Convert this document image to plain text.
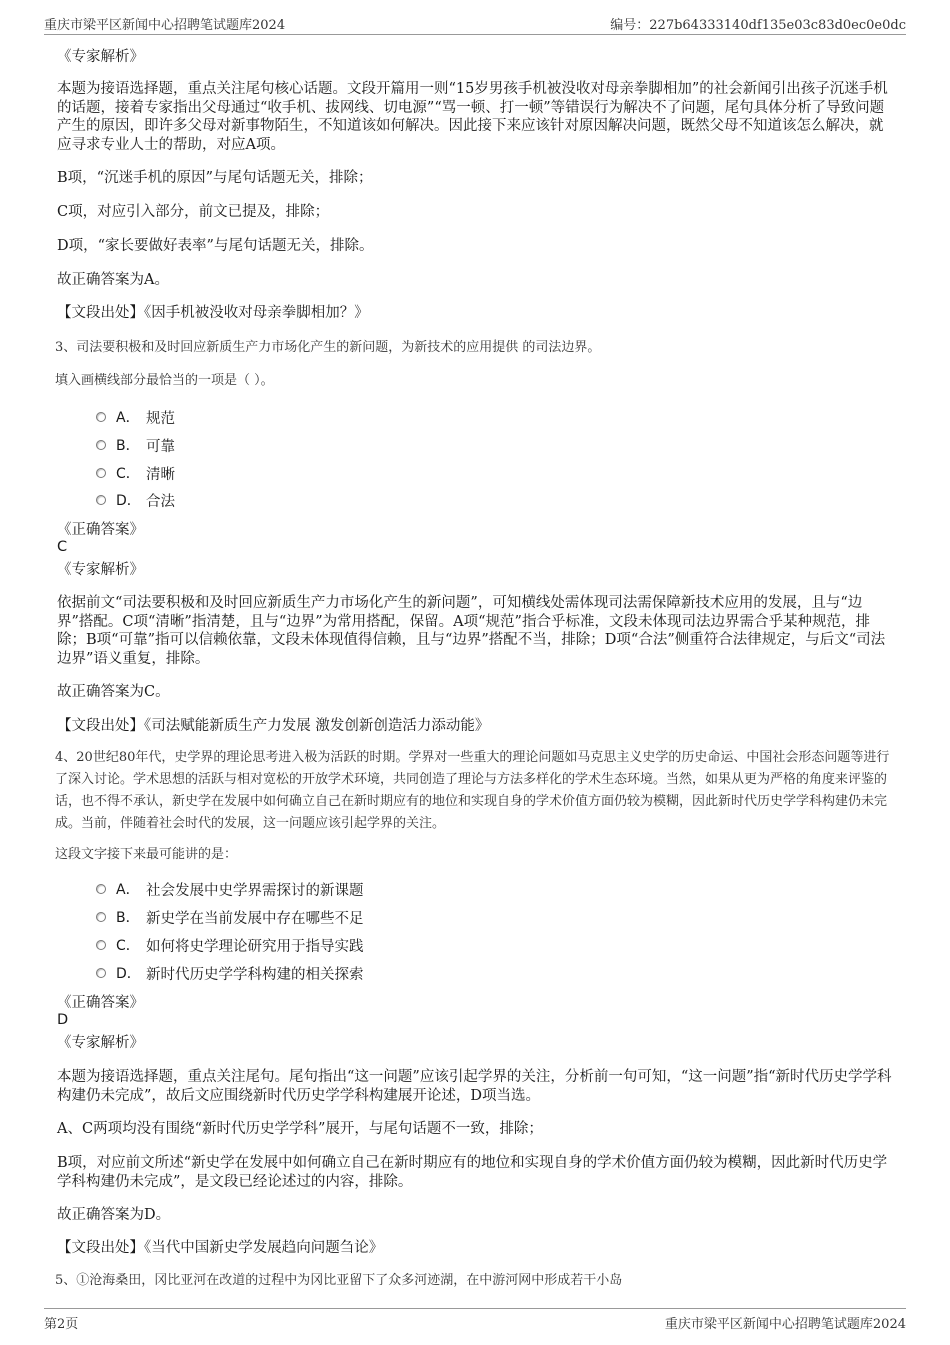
重庆市梁平区新闻中心招聘笔试题库2024	编号：227b64333140df135e03c83d0ec0e0dc
《专家解析》
本题为接语选择题，重点关注尾句核心话题。文段开篇用一则“15岁男孩手机被没收对母亲拳脚相加”的社会新闻引出孩子沉迷手机的话题，接着专家指出父母通过“收手机、拔网线、切电源”“骂一顿、打一顿”等错误行为解决不了问题，尾句具体分析了导致问题产生的原因，即许多父母对新事物陌生，不知道该如何解决。因此接下来应该针对原因解决问题，既然父母不知道该怎么解决，就应寻求专业人士的帮助，对应A项。
B项，“沉迷手机的原因”与尾句话题无关，排除；
C项，对应引入部分，前文已提及，排除；
D项，“家长要做好表率”与尾句话题无关，排除。
故正确答案为A。
【文段出处】《因手机被没收对母亲拳脚相加？》
3、司法要积极和及时回应新质生产力市场化产生的新问题，为新技术的应用提供 的司法边界。
填入画横线部分最恰当的一项是（ ）。
A． 规范
B． 可靠
C． 清晰
D． 合法
《正确答案》
C
《专家解析》
依据前文“司法要积极和及时回应新质生产力市场化产生的新问题”，可知横线处需体现司法需保障新技术应用的发展，且与“边界”搭配。C项“清晰”指清楚，且与“边界”为常用搭配，保留。A项“规范”指合乎标准，文段未体现司法边界需合乎某种规范，排除；B项“可靠”指可以信赖依靠，文段未体现值得信赖，且与“边界”搭配不当，排除；D项“合法”侧重符合法律规定，与后文“司法边界”语义重复，排除。
故正确答案为C。
【文段出处】《司法赋能新质生产力发展 激发创新创造活力添动能》
4、20世纪80年代，史学界的理论思考进入极为活跃的时期。学界对一些重大的理论问题如马克思主义史学的历史命运、中国社会形态问题等进行了深入讨论。学术思想的活跃与相对宽松的开放学术环境，共同创造了理论与方法多样化的学术生态环境。当然，如果从更为严格的角度来评鉴的话，也不得不承认，新史学在发展中如何确立自己在新时期应有的地位和实现自身的学术价值方面仍较为模糊，因此新时代历史学学科构建仍未完成。当前，伴随着社会时代的发展，这一问题应该引起学界的关注。
这段文字接下来最可能讲的是：
A． 社会发展中史学界需探讨的新课题
B． 新史学在当前发展中存在哪些不足
C． 如何将史学理论研究用于指导实践
D． 新时代历史学学科构建的相关探索
《正确答案》
D
《专家解析》
本题为接语选择题，重点关注尾句。尾句指出“这一问题”应该引起学界的关注，分析前一句可知，“这一问题”指“新时代历史学学科构建仍未完成”，故后文应围绕新时代历史学学科构建展开论述，D项当选。
A、C两项均没有围绕“新时代历史学学科”展开，与尾句话题不一致，排除；
B项，对应前文所述“新史学在发展中如何确立自己在新时期应有的地位和实现自身的学术价值方面仍较为模糊，因此新时代历史学学科构建仍未完成”，是文段已经论述过的内容，排除。
故正确答案为D。
【文段出处】《当代中国新史学发展趋向问题刍论》
5、①沧海桑田，冈比亚河在改道的过程中为冈比亚留下了众多河迹湖，在中游河网中形成若干小岛
第2页	重庆市梁平区新闻中心招聘笔试题库2024
